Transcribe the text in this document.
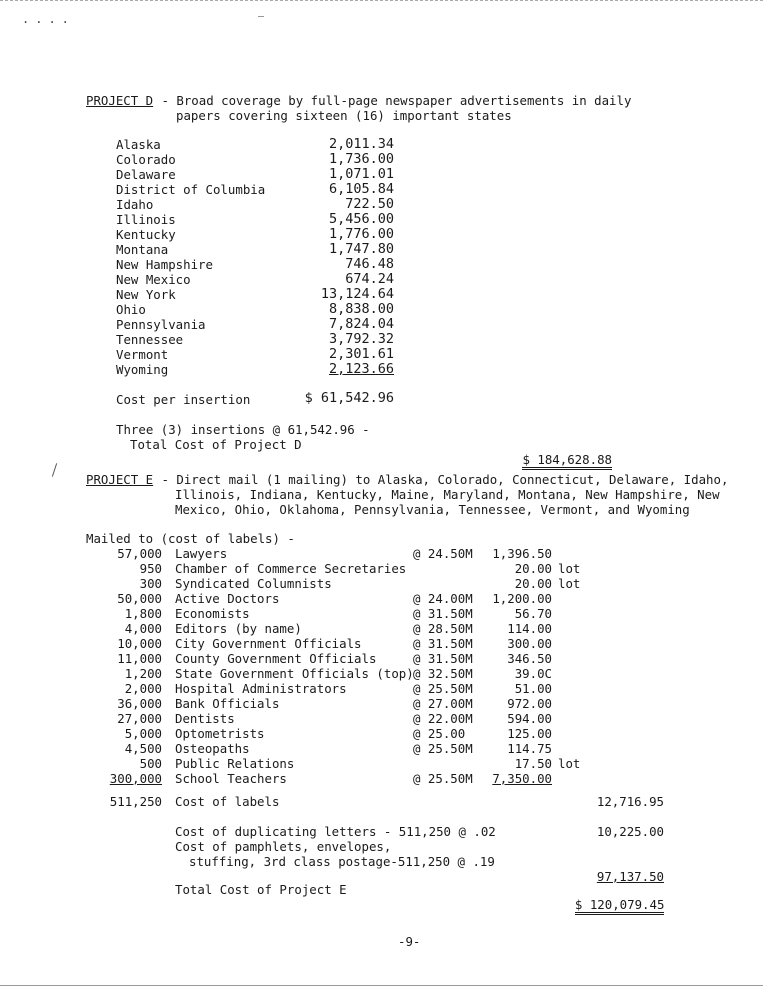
....
PROJECT D - Broad coverage by full-page newspaper advertisements in daily
papers covering sixteen (16) important states
Alaska	2,011.34
Colorado	1,736.00
Delaware	1,071.01
District of Columbia	6,105.84
Idaho	722.50
Illinois	5,456.00
Kentucky	1,776.00
Montana	1,747.80
New Hampshire	746.48
New Mexico	674.24
New York	13,124.64
Ohio	8,838.00
Pennsylvania	7,824.04
Tennessee	3,792.32
Vermont	2,301.61
Wyoming	2,123.66
Cost per insertion	$ 61,542.96
Three (3) insertions @ 61,542.96 -
Total Cost of Project D

$ 184,628.88

PROJECT E - Direct mail (1 mailing) to Alaska, Colorado, Connecticut, Delaware, Idaho,
Illinois, Indiana, Kentucky, Maine, Maryland, Montana, New Hampshire, New
Mexico, Ohio, Oklahoma, Pennsylvania, Tennessee, Vermont, and Wyoming
Mailed to (cost of labels) -
57,000 Lawyers	@ 24.50M	1,396.50
950 Chamber of Commerce Secretaries	20.00 lot
300 Syndicated Columnists	20.00 lot
50,000 Active Doctors	@ 24.00M	1,200.00
1,800 Economists	@ 31.50M	56.70
4,000 Editors (by name)	@ 28.50M	114.00
10,000 City Government Officials	@ 31.50M	300.00
11,000 County Government Officials	@ 31.50M	346.50
1,200 State Government Officials (top) @ 32.50M	39.0C
2,000 Hospital Administrators	@ 25.50M	51.00
36,000 Bank Officials	@ 27.00M	972.00
27,000 Dentists	@ 22.00M	594.00
5,000 Optometrists	@ 25.00	125.00
4,500 Osteopaths	@ 25.50M	114.75
500 Public Relations	17.50 lot
300,000 School Teachers	@ 25.50M	7,350.00
511,250 Cost of labels	12,716.95
Cost of duplicating letters - 511,250 @ .02	10,225.00
Cost of pamphlets, envelopes,
stuffing, 3rd class postage-511,250 @ .19

97,137.50

Total Cost of Project E

$ 120,079.45

-9-
